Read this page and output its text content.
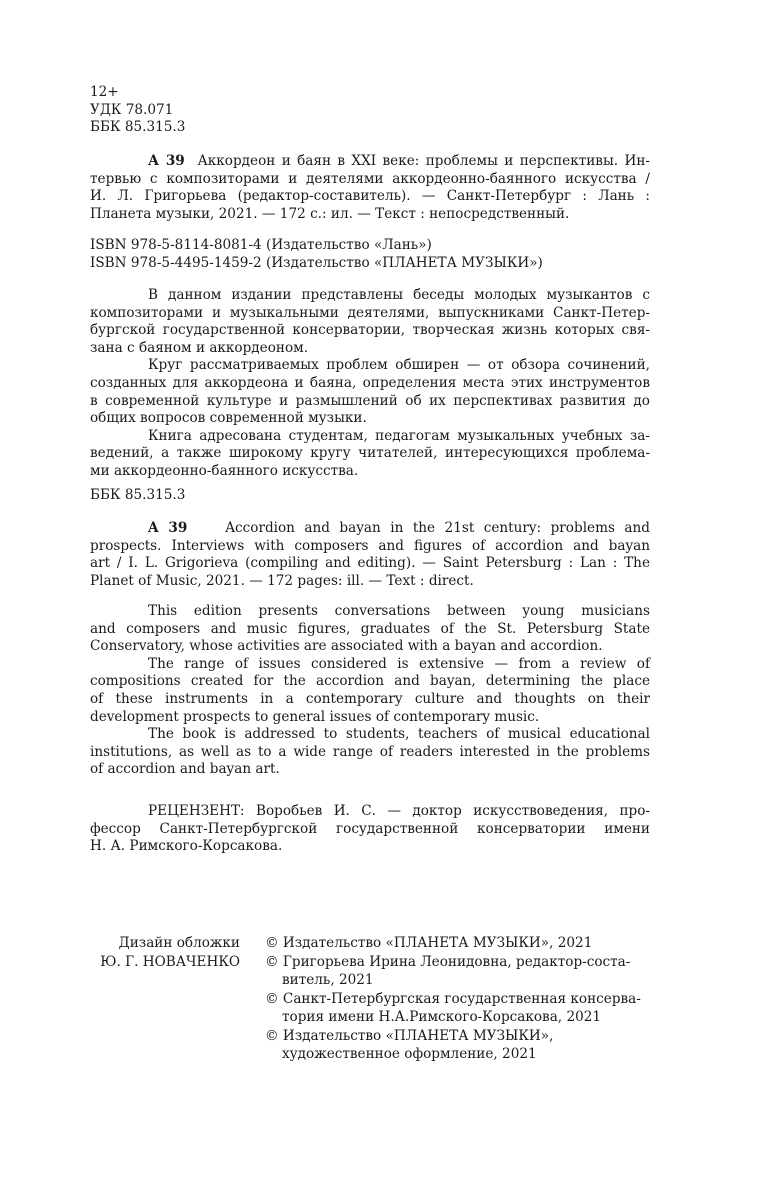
12+
УДК 78.071
ББК 85.315.3
А 39 Аккордеон и баян в XXI веке: проблемы и перспективы. Ин-
тервью с композиторами и деятелями аккордеонно-баянного искусства /
И. Л. Григорьева (редактор-составитель). — Санкт-Петербург : Лань :
Планета музыки, 2021. — 172 с.: ил. — Текст : непосредственный.
ISBN 978-5-8114-8081-4 (Издательство «Лань»)
ISBN 978-5-4495-1459-2 (Издательство «ПЛАНЕТА МУЗЫКИ»)
В данном издании представлены беседы молодых музыкантов с
композиторами и музыкальными деятелями, выпускниками Санкт-Петер-
бургской государственной консерватории, творческая жизнь которых свя-
зана с баяном и аккордеоном.
Круг рассматриваемых проблем обширен — от обзора сочинений,
созданных для аккордеона и баяна, определения места этих инструментов
в современной культуре и размышлений об их перспективах развития до
общих вопросов современной музыки.
Книга адресована студентам, педагогам музыкальных учебных за-
ведений, а также широкому кругу читателей, интересующихся проблема-
ми аккордеонно-баянного искусства.
ББК 85.315.3
A 39	Accordion and bayan in the 21st century: problems and
prospects. Interviews with composers and figures of accordion and bayan
art / I. L. Grigorieva (compiling and editing). — Saint Petersburg : Lan : The
Planet of Music, 2021. — 172 pages: ill. — Text : direct.
This edition presents conversations between young musicians
and composers and music figures, graduates of the St. Petersburg State
Conservatory, whose activities are associated with a bayan and accordion.
The range of issues considered is extensive — from a review of
compositions created for the accordion and bayan, determining the place
of these instruments in a contemporary culture and thoughts on their
development prospects to general issues of contemporary music.
The book is addressed to students, teachers of musical educational
institutions, as well as to a wide range of readers interested in the problems
of accordion and bayan art.
РЕЦЕНЗЕНТ: Воробьев И. С. — доктор искусствоведения, про-
фессор Санкт-Петербургской государственной консерватории имени
Н. А. Римского-Корсакова.
Дизайн обложки
Ю. Г. НОВАЧЕНКО
© Издательство «ПЛАНЕТА МУЗЫКИ», 2021
© Григорьева Ирина Леонидовна, редактор-соста-
витель, 2021
© Санкт-Петербургская государственная консерва-
тория имени Н.А.Римского-Корсакова, 2021
© Издательство «ПЛАНЕТА МУЗЫКИ»,
художественное оформление, 2021
